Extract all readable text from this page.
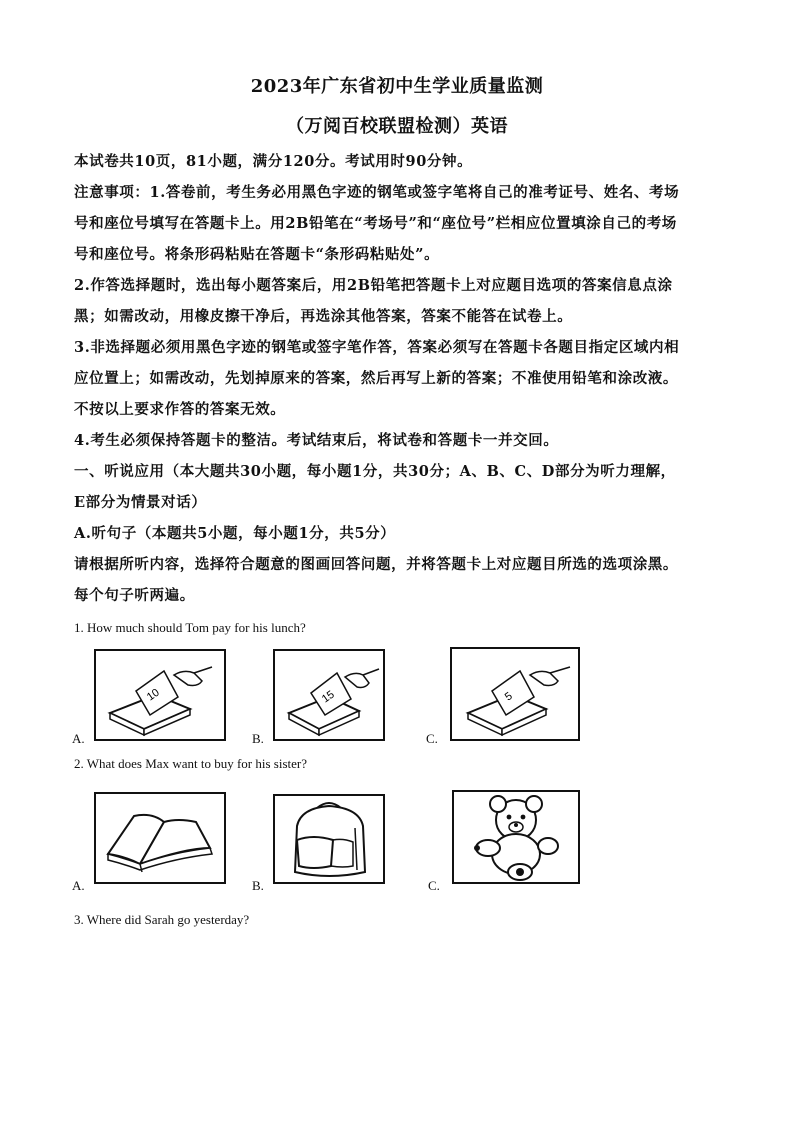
2023年广东省初中生学业质量监测
（万阅百校联盟检测）英语
本试卷共10页，81小题，满分120分。考试用时90分钟。
注意事项：1.答卷前，考生务必用黑色字迹的钢笔或签字笔将自己的准考证号、姓名、考场
号和座位号填写在答题卡上。用2B铅笔在“考场号”和“座位号”栏相应位置填涂自己的考场
号和座位号。将条形码粘贴在答题卡“条形码粘贴处”。
2.作答选择题时，选出每小题答案后，用2B铅笔把答题卡上对应题目选项的答案信息点涂
黑；如需改动，用橡皮擦干净后，再选涂其他答案，答案不能答在试卷上。
3.非选择题必须用黑色字迹的钢笔或签字笔作答，答案必须写在答题卡各题目指定区域内相
应位置上；如需改动，先划掉原来的答案，然后再写上新的答案；不准使用铅笔和涂改液。
不按以上要求作答的答案无效。
4.考生必须保持答题卡的整洁。考试结束后，将试卷和答题卡一并交回。
一、听说应用（本大题共30小题，每小题1分，共30分；A、B、C、D部分为听力理解，
E部分为情景对话）
A.听句子（本题共5小题，每小题1分，共5分）
请根据所听内容，选择符合题意的图画回答问题，并将答题卡上对应题目所选的选项涂黑。
每个句子听两遍。
1. How much should Tom pay for his lunch?
10
A.
15
B.
5
C.
2. What does Max want to buy for his sister?
A.	B.	C.
3. Where did Sarah go yesterday?
